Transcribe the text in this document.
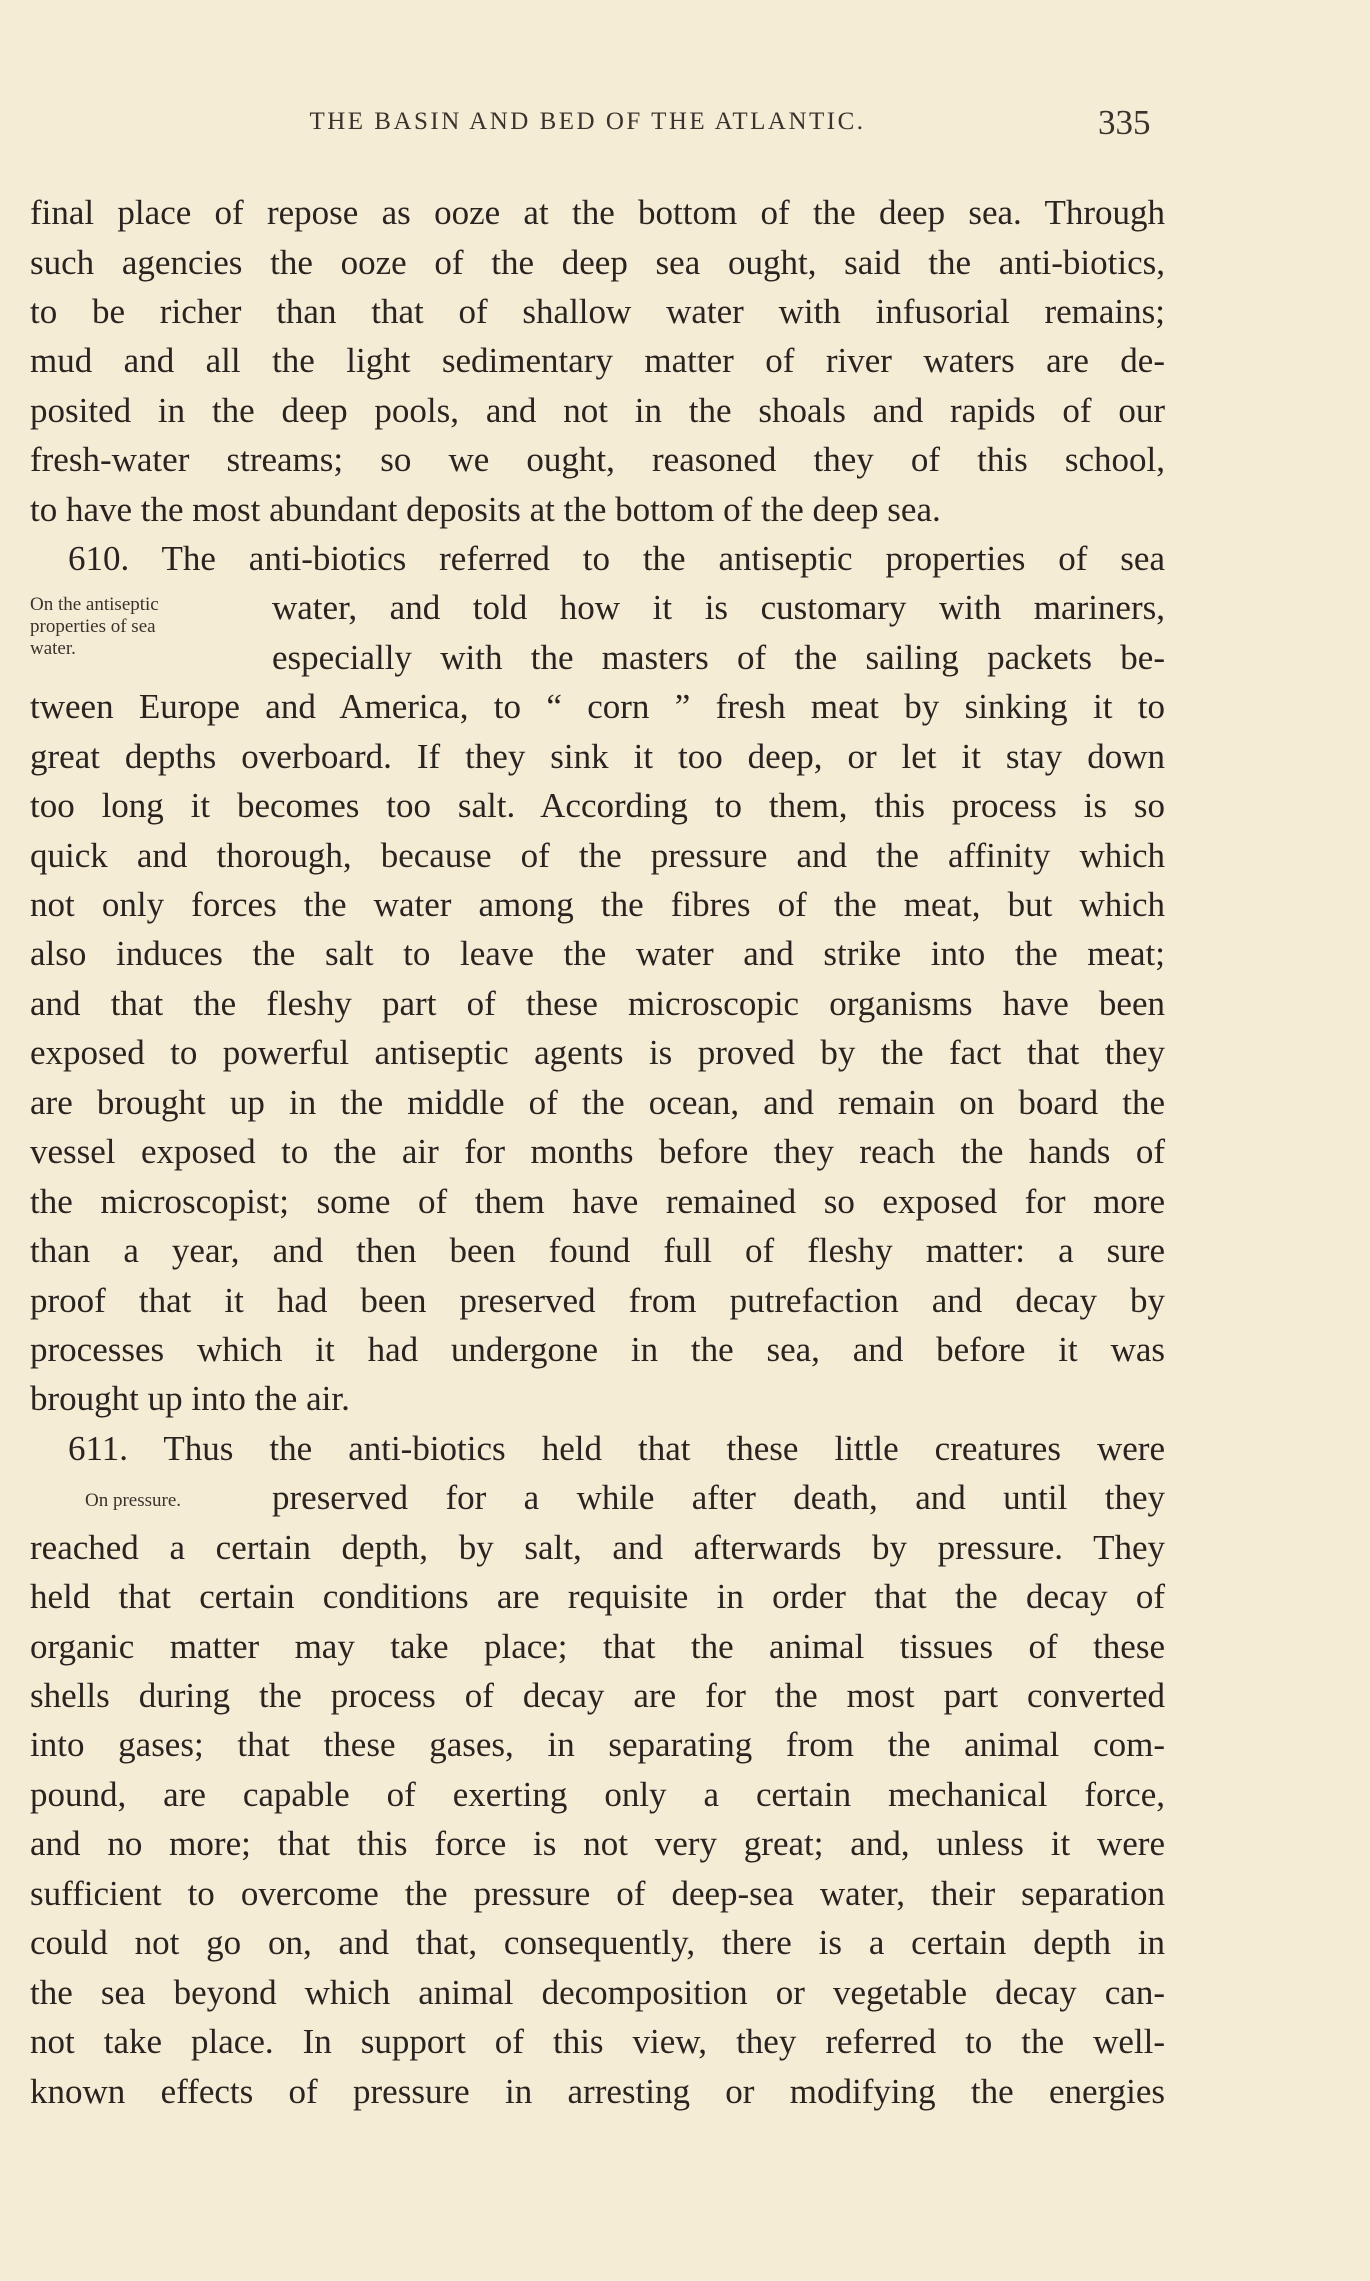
THE BASIN AND BED OF THE ATLANTIC.	335
final place of repose as ooze at the bottom of the deep sea. Through
such agencies the ooze of the deep sea ought, said the anti-biotics,
to be richer than that of shallow water with infusorial remains;
mud and all the light sedimentary matter of river waters are de-
posited in the deep pools, and not in the shoals and rapids of our
fresh-water streams; so we ought, reasoned they of this school,
to have the most abundant deposits at the bottom of the deep sea.
610. The anti-biotics referred to the antiseptic properties of sea
On the antiseptic
properties of sea
water.
water, and told how it is customary with mariners,
especially with the masters of the sailing packets be-
tween Europe and America, to “ corn ” fresh meat by sinking it to
great depths overboard. If they sink it too deep, or let it stay down
too long it becomes too salt. According to them, this process is so
quick and thorough, because of the pressure and the affinity which
not only forces the water among the fibres of the meat, but which
also induces the salt to leave the water and strike into the meat;
and that the fleshy part of these microscopic organisms have been
exposed to powerful antiseptic agents is proved by the fact that they
are brought up in the middle of the ocean, and remain on board the
vessel exposed to the air for months before they reach the hands of
the microscopist; some of them have remained so exposed for more
than a year, and then been found full of fleshy matter: a sure
proof that it had been preserved from putrefaction and decay by
processes which it had undergone in the sea, and before it was
brought up into the air.
611. Thus the anti-biotics held that these little creatures were
On pressure.	preserved for a while after death, and until they
reached a certain depth, by salt, and afterwards by pressure. They
held that certain conditions are requisite in order that the decay of
organic matter may take place; that the animal tissues of these
shells during the process of decay are for the most part converted
into gases; that these gases, in separating from the animal com-
pound, are capable of exerting only a certain mechanical force,
and no more; that this force is not very great; and, unless it were
sufficient to overcome the pressure of deep-sea water, their separation
could not go on, and that, consequently, there is a certain depth in
the sea beyond which animal decomposition or vegetable decay can-
not take place. In support of this view, they referred to the well-
known effects of pressure in arresting or modifying the energies
